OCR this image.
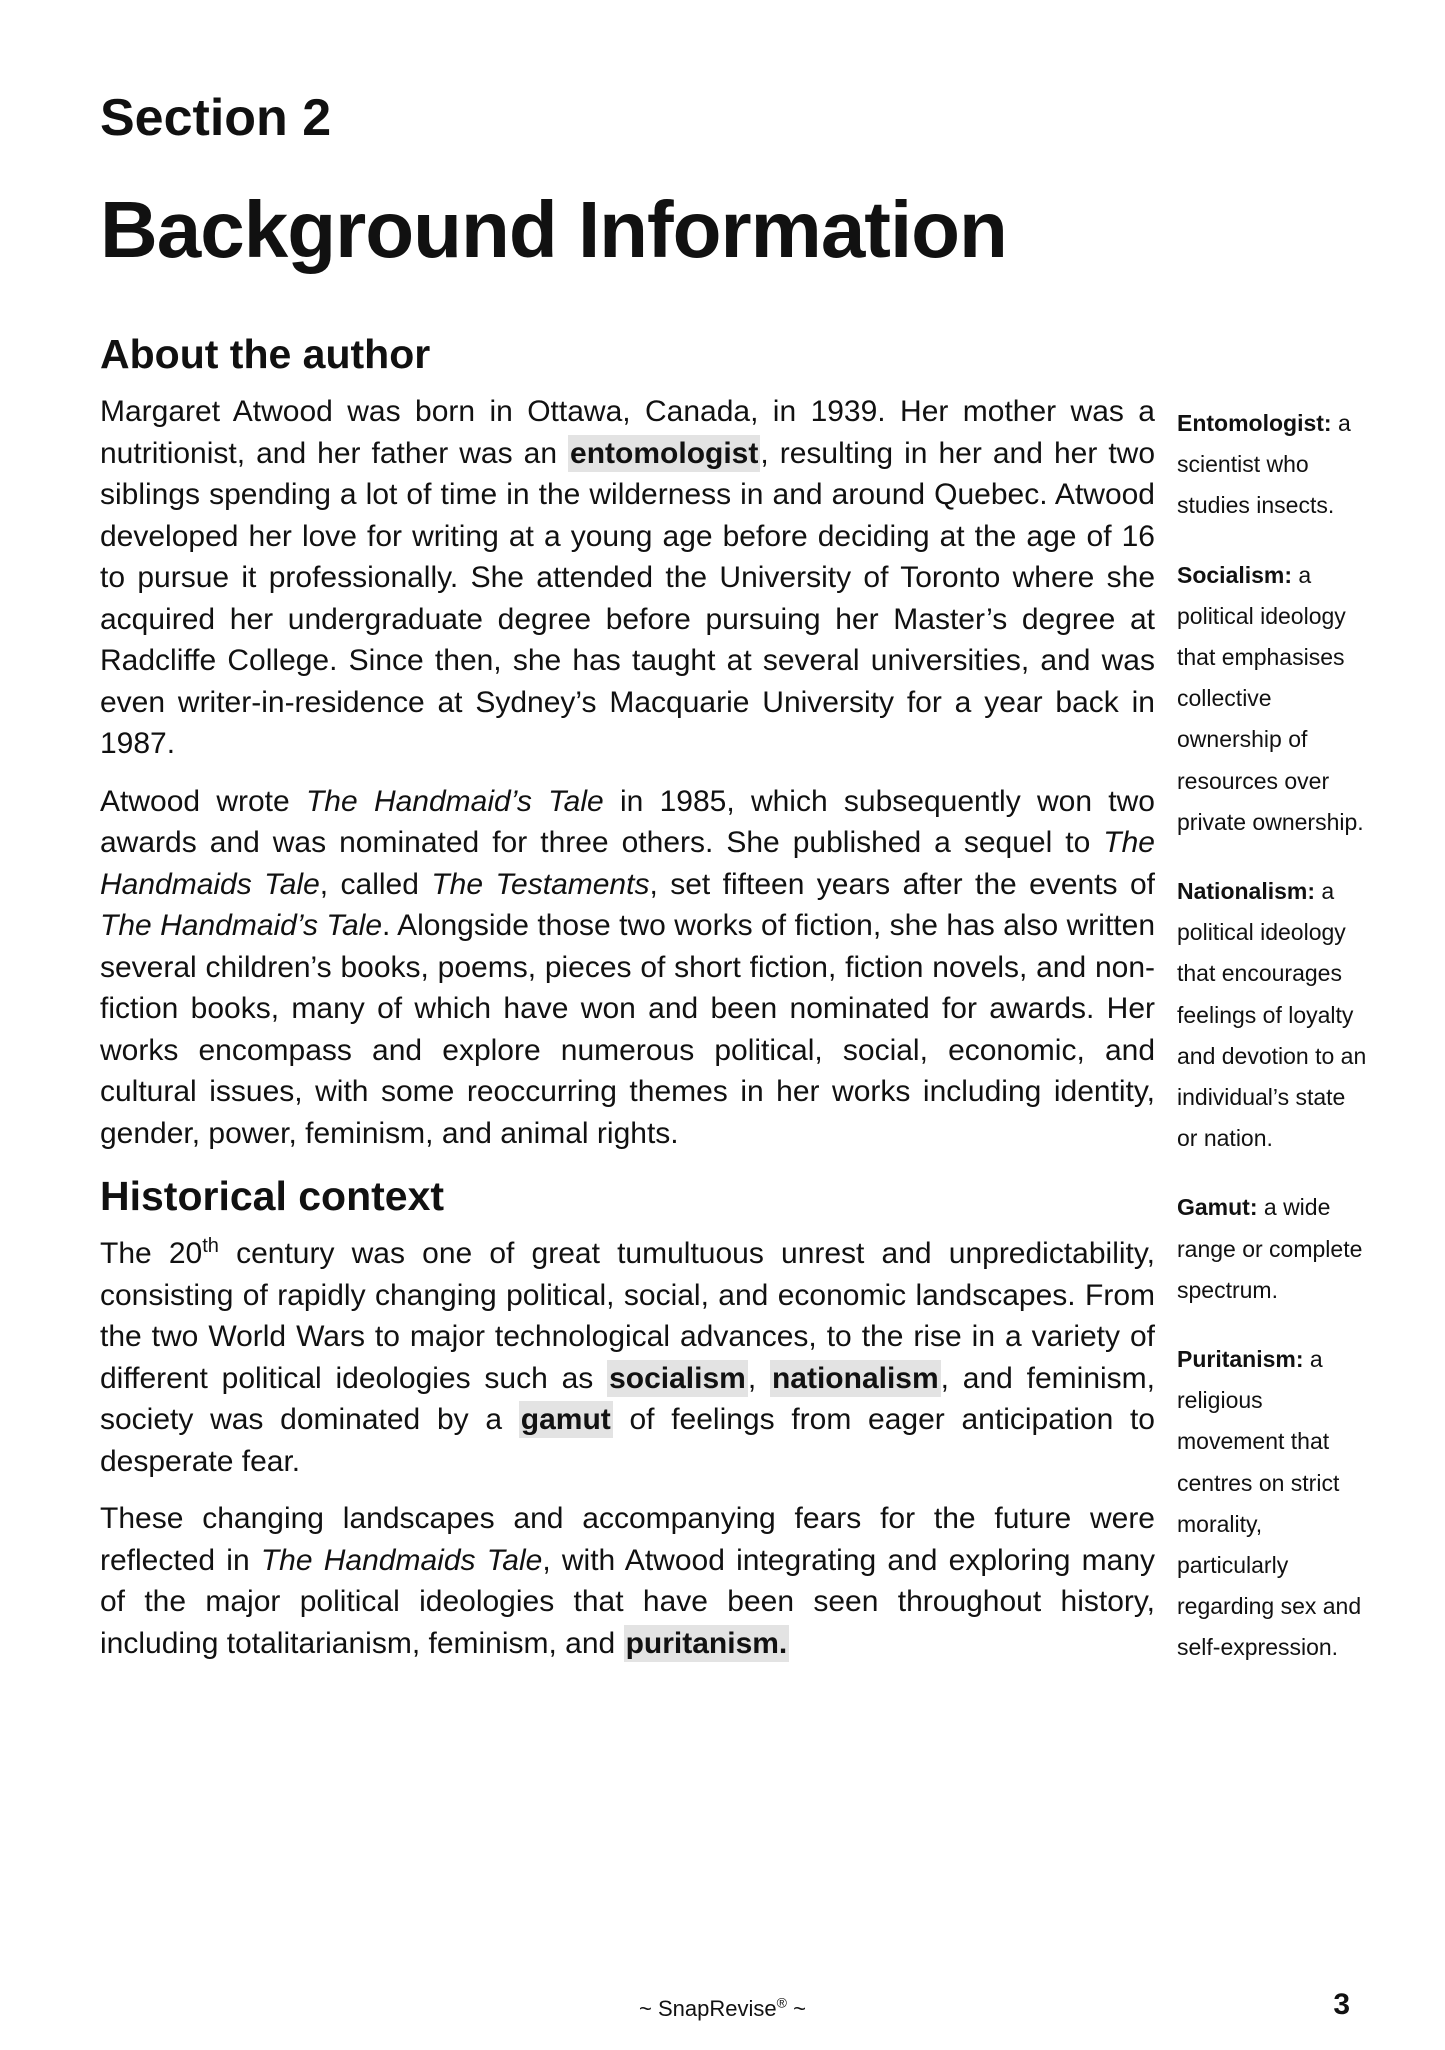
Section 2
Background Information
About the author

Margaret Atwood was born in Ottawa, Canada, in 1939. Her mother was a nutritionist, and her father was an entomologist, resulting in her and her two siblings spending a lot of time in the wilderness in and around Quebec. Atwood developed her love for writing at a young age before deciding at the age of 16 to pursue it professionally. She attended the University of Toronto where she acquired her undergraduate degree before pursuing her Master’s degree at Radcliffe College. Since then, she has taught at several universities, and was even writer-in-residence at Sydney’s Macquarie University for a year back in 1987.

Atwood wrote The Handmaid’s Tale in 1985, which subsequently won two awards and was nominated for three others. She published a sequel to The Handmaids Tale, called The Testaments, set fifteen years after the events of The Handmaid’s Tale. Alongside those two works of fiction, she has also written several children’s books, poems, pieces of short fiction, fiction novels, and non-fiction books, many of which have won and been nominated for awards. Her works encompass and explore numerous political, social, economic, and cultural issues, with some reoccurring themes in her works including identity, gender, power, feminism, and animal rights.

Historical context

The 20th century was one of great tumultuous unrest and unpredictability, consisting of rapidly changing political, social, and economic landscapes. From the two World Wars to major technological advances, to the rise in a variety of different political ideologies such as socialism, nationalism, and feminism, society was dominated by a gamut of feelings from eager anticipation to desperate fear.

These changing landscapes and accompanying fears for the future were reflected in The Handmaids Tale, with Atwood integrating and exploring many of the major political ideologies that have been seen throughout history, including totalitarianism, feminism, and puritanism.

Entomologist: a scientist who studies insects.
Socialism: a political ideology that emphasises collective ownership of resources over private ownership.
Nationalism: a political ideology that encourages feelings of loyalty and devotion to an individual’s state or nation.
Gamut: a wide range or complete spectrum.
Puritanism: a religious movement that centres on strict morality, particularly regarding sex and self-expression.
~ SnapRevise® ~	3
